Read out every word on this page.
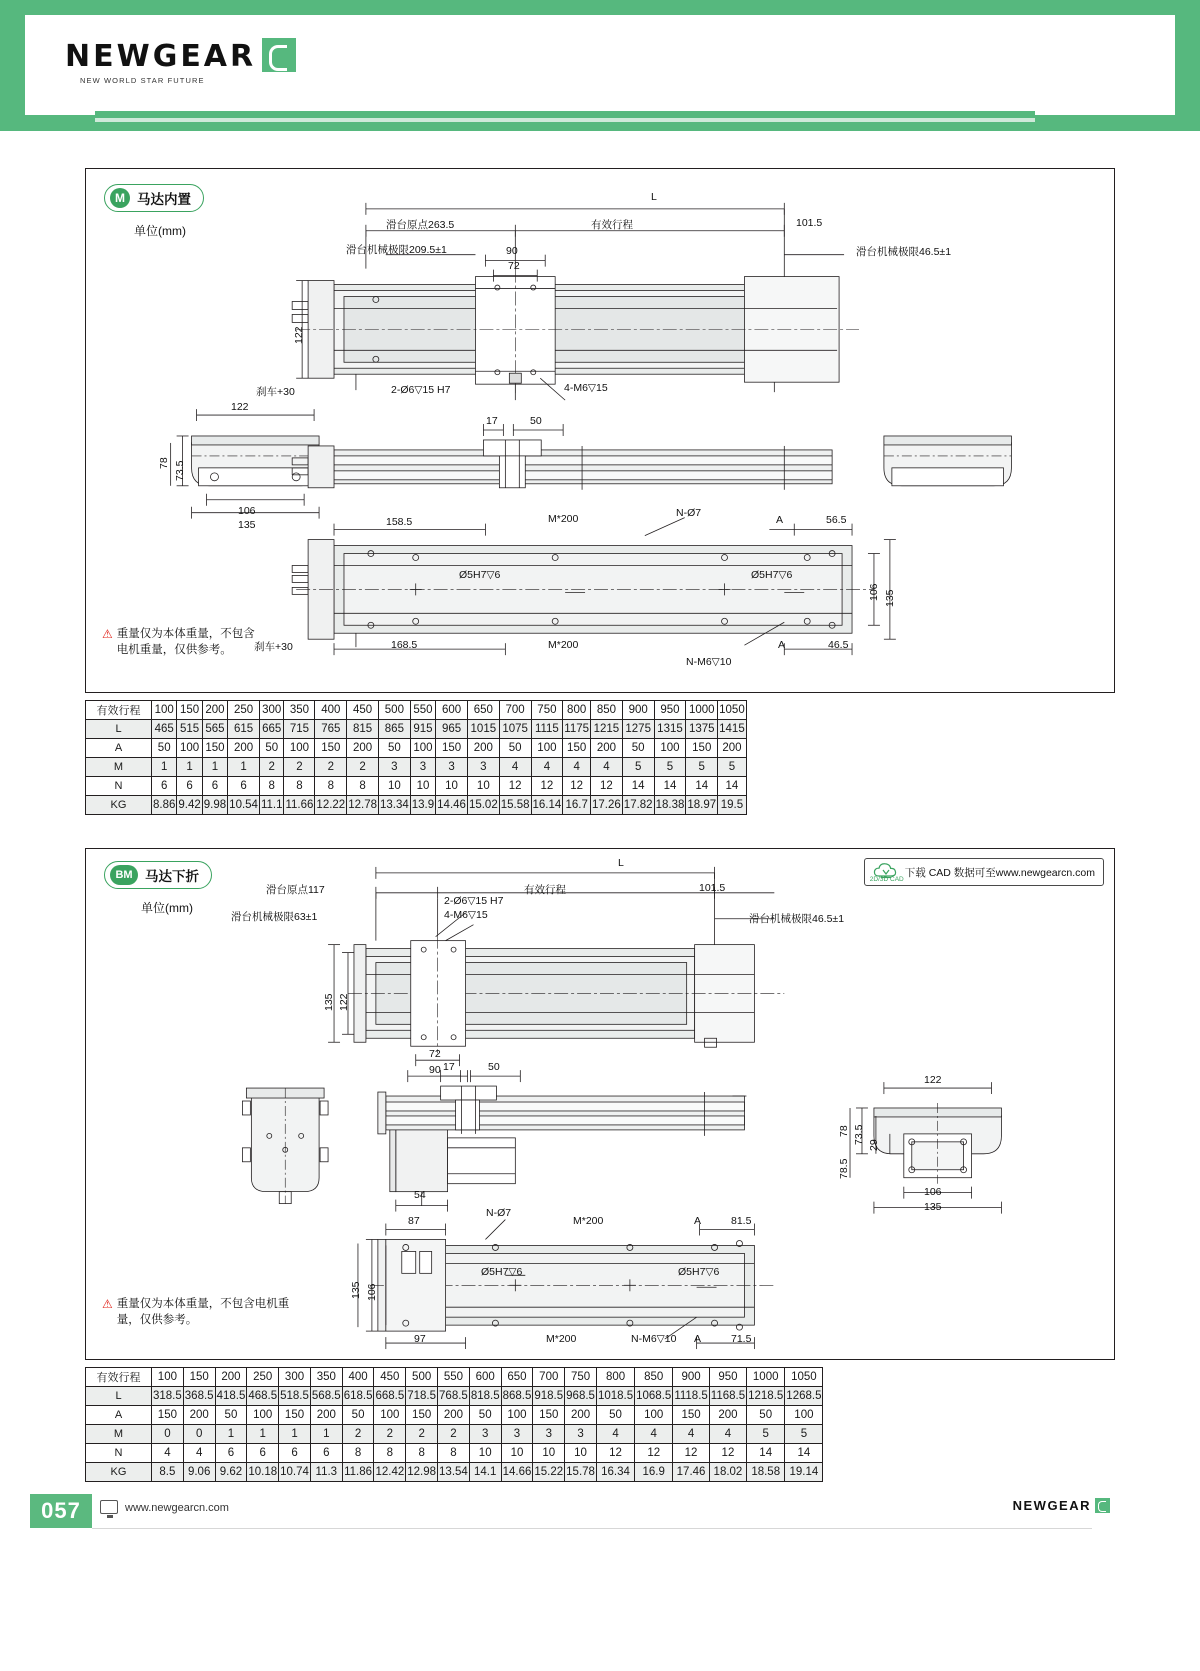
NEWGEAR
NEW WORLD STAR FUTURE
M 马达内置
单位(mm)
⚠ 重量仅为本体重量，不包含电机重量，仅供参考。
L
滑台原点263.5	有效行程	101.5
滑台机械极限209.5±1	滑台机械极限46.5±1
90
72
122
刹车+30	2-Ø6▽15 H7	4-M6▽15
122
78 73.5
106
135
17	50
158.5	M*200	N-Ø7
A	56.5
Ø5H7▽6	Ø5H7▽6
106 135
刹车+30	168.5	M*200
N-M6▽10
A	46.5
有效行程	100	150	200	250	300	350	400	450	500	550	600	650	700	750	800	850	900	950	1000	1050
L	465	515	565	615	665	715	765	815	865	915	965	1015	1075	1115	1175	1215	1275	1315	1375	1415
A	50	100	150	200	50	100	150	200	50	100	150	200	50	100	150	200	50	100	150	200
M	1	1	1	1	2	2	2	2	3	3	3	3	4	4	4	4	5	5	5	5
N	6	6	6	6	8	8	8	8	10	10	10	10	12	12	12	12	14	14	14	14
KG	8.86	9.42	9.98	10.54	11.1	11.66	12.22	12.78	13.34	13.9	14.46	15.02	15.58	16.14	16.7	17.26	17.82	18.38	18.97	19.5
BM 马达下折
单位(mm)
2D/3D CAD
下载 CAD 数据可至www.newgearcn.com
⚠ 重量仅为本体重量，不包含电机重量，仅供参考。
L
滑台原点117	有效行程	101.5
滑台机械极限63±1	滑台机械极限46.5±1
2-Ø6▽15 H7
4-M6▽15
135 122
72
90 17	50
54
87
N-Ø7
M*200	A	81.5
135 106
Ø5H7▽6	Ø5H7▽6
97	M*200	N-M6▽10 A	71.5
122
78 73.5
29
78.5
106
135
有效行程	100	150	200	250	300	350	400	450	500	550	600	650	700	750	800	850	900	950	1000	1050
L	318.5	368.5	418.5	468.5	518.5	568.5	618.5	668.5	718.5	768.5	818.5	868.5	918.5	968.5	1018.5	1068.5	1118.5	1168.5	1218.5	1268.5
A	150	200	50	100	150	200	50	100	150	200	50	100	150	200	50	100	150	200	50	100
M	0	0	1	1	1	1	2	2	2	2	3	3	3	3	4	4	4	4	5	5
N	4	4	6	6	6	6	8	8	8	8	10	10	10	10	12	12	12	12	14	14
KG	8.5	9.06	9.62	10.18	10.74	11.3	11.86	12.42	12.98	13.54	14.1	14.66	15.22	15.78	16.34	16.9	17.46	18.02	18.58	19.14
057	www.newgearcn.com	NEWGEAR
